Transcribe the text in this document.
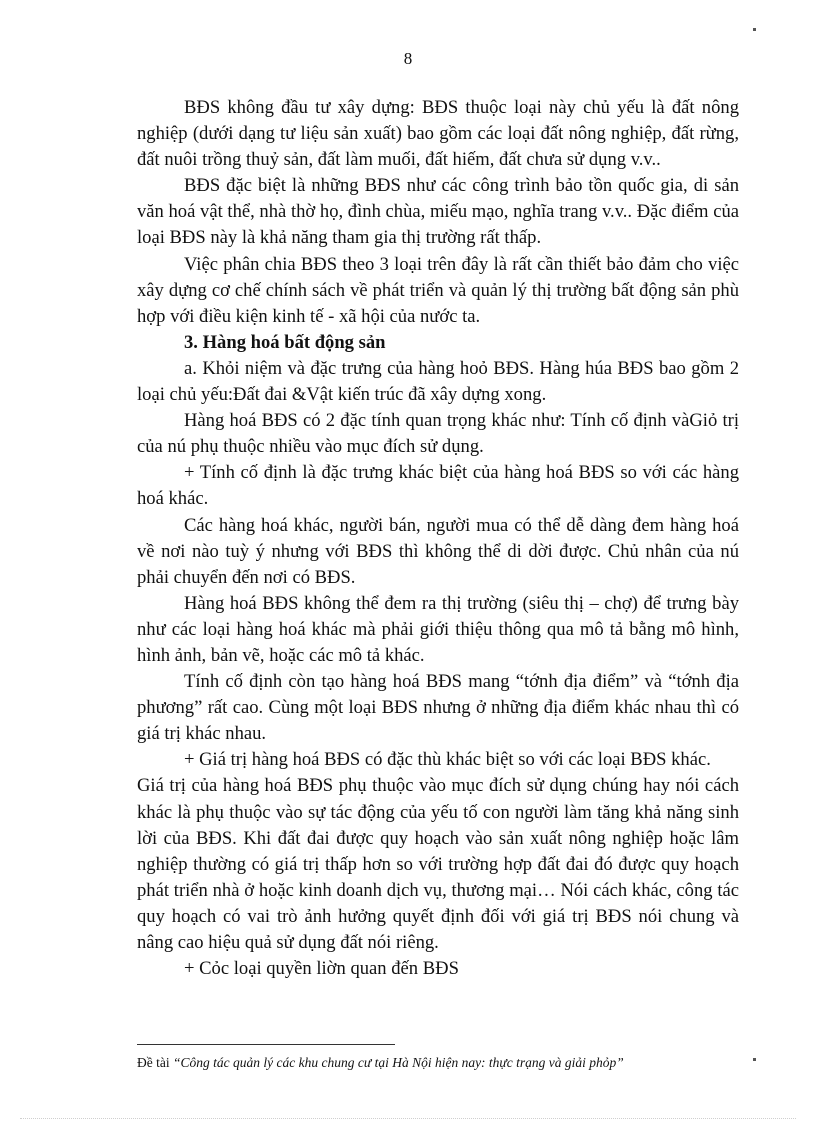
8

BĐS không đầu tư xây dựng: BĐS thuộc loại này chủ yếu là đất nông nghiệp (dưới dạng tư liệu sản xuất) bao gồm các loại đất nông nghiệp, đất rừng, đất nuôi trồng thuỷ sản, đất làm muối, đất hiếm, đất chưa sử dụng v.v..

BĐS đặc biệt là những BĐS như các công trình bảo tồn quốc gia, di sản văn hoá vật thể, nhà thờ họ, đình chùa, miếu mạo, nghĩa trang v.v.. Đặc điểm của loại BĐS này là khả năng tham gia thị trường rất thấp.

Việc phân chia BĐS theo 3 loại trên đây là rất cần thiết bảo đảm cho việc xây dựng cơ chế chính sách về phát triển và quản lý thị trường bất động sản phù hợp với điều kiện kinh tế - xã hội của nước ta.

3. Hàng hoá bất động sản

a. Khỏi niệm và đặc trưng của hàng hoỏ BĐS. Hàng húa BĐS bao gồm 2 loại chủ yếu:Đất đai &Vật kiến trúc đã xây dựng xong.

Hàng hoá BĐS có 2 đặc tính quan trọng khác như: Tính cố định vàGiỏ trị của nú phụ thuộc nhiều vào mục đích sử dụng.

+ Tính cố định là đặc trưng khác biệt của hàng hoá BĐS so với các hàng hoá khác.

Các hàng hoá khác, người bán, người mua có thể dễ dàng đem hàng hoá về nơi nào tuỳ ý nhưng với BĐS thì không thể di dời được. Chủ nhân của nú phải chuyển đến nơi có BĐS.

Hàng hoá BĐS không thể đem ra thị trường (siêu thị – chợ) để trưng bày như các loại hàng hoá khác mà phải giới thiệu thông qua mô tả bằng mô hình, hình ảnh, bản vẽ, hoặc các mô tả khác.

Tính cố định còn tạo hàng hoá BĐS mang “tớnh địa điểm” và “tớnh địa phương” rất cao. Cùng một loại BĐS nhưng ở những địa điểm khác nhau thì có giá trị khác nhau.

+ Giá trị hàng hoá BĐS có đặc thù khác biệt so với các loại BĐS khác.

Giá trị của hàng hoá BĐS phụ thuộc vào mục đích sử dụng chúng hay nói cách khác là phụ thuộc vào sự tác động của yếu tố con người làm tăng khả năng sinh lời của BĐS. Khi đất đai được quy hoạch vào sản xuất nông nghiệp hoặc lâm nghiệp thường có giá trị thấp hơn so với trường hợp đất đai đó được quy hoạch phát triển nhà ở hoặc kinh doanh dịch vụ, thương mại… Nói cách khác, công tác quy hoạch có vai trò ảnh hưởng quyết định đối với giá trị BĐS nói chung và nâng cao hiệu quả sử dụng đất nói riêng.

+ Cỏc loại quyền liờn quan đến BĐS

Đề tài “Công tác quản lý các khu chung cư tại Hà Nội hiện nay: thực trạng và giải phỏp”
